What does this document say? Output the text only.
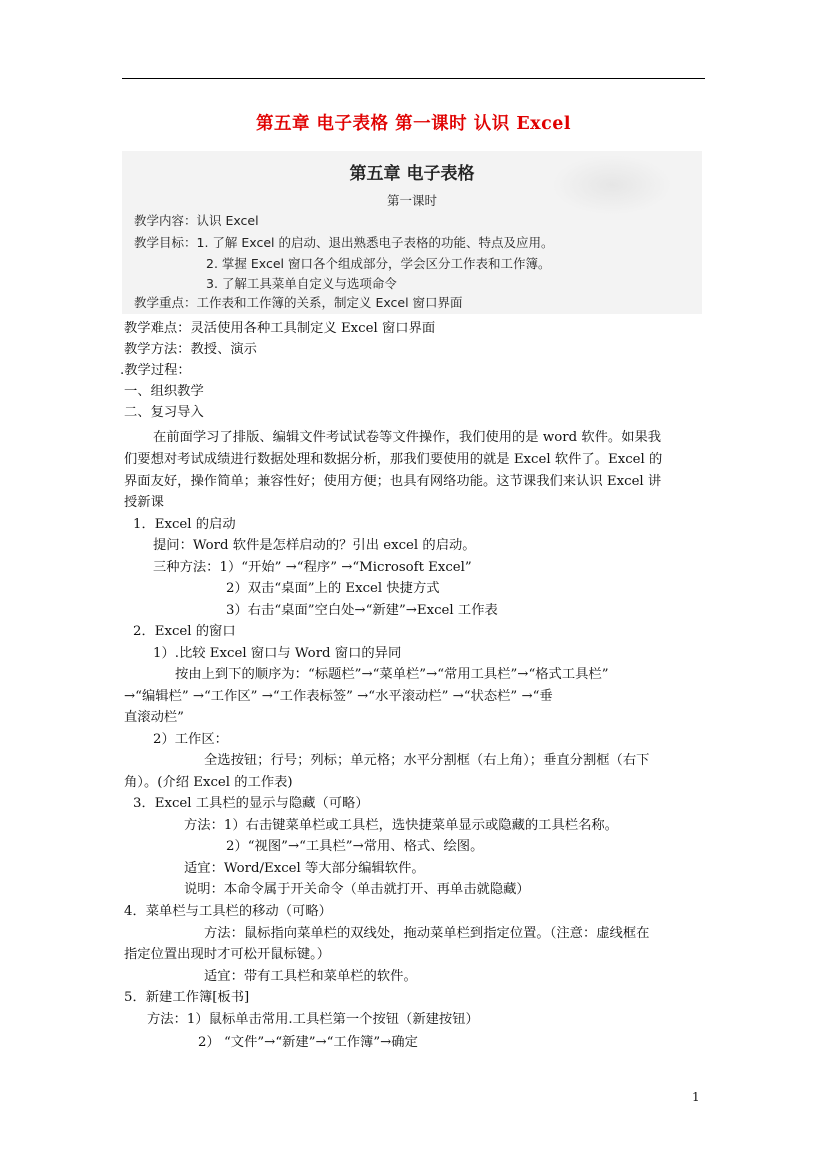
第五章 电子表格 第一课时 认识 Excel
第五章 电子表格
第一课时
教学内容：认识 Excel
教学目标：1. 了解 Excel 的启动、退出熟悉电子表格的功能、特点及应用。
2. 掌握 Excel 窗口各个组成部分，学会区分工作表和工作簿。
3. 了解工具菜单自定义与选项命令
教学重点：工作表和工作簿的关系，制定义 Excel 窗口界面
教学难点：灵活使用各种工具制定义 Excel 窗口界面
教学方法：教授、演示
.教学过程：
一、组织教学
二、复习导入
在前面学习了排版、编辑文件考试试卷等文件操作，我们使用的是 word 软件。如果我
们要想对考试成绩进行数据处理和数据分析，那我们要使用的就是 Excel 软件了。Excel 的
界面友好，操作简单；兼容性好；使用方便；也具有网络功能。这节课我们来认识 Excel 讲
授新课
1．Excel 的启动
提问：Word 软件是怎样启动的？引出 excel 的启动。
三种方法：1）“开始” →“程序” →“Microsoft Excel”
2）双击“桌面”上的 Excel 快捷方式
3）右击“桌面”空白处→“新建”→Excel 工作表
2．Excel 的窗口
1）.比较 Excel 窗口与 Word 窗口的异同
按由上到下的顺序为：“标题栏”→“菜单栏”→“常用工具栏”→“格式工具栏”
→“编辑栏” →“工作区” →“工作表标签” →“水平滚动栏” →“状态栏” →“垂
直滚动栏”
2）工作区：
全选按钮；行号；列标；单元格；水平分割框（右上角）；垂直分割框（右下
角）。(介绍 Excel 的工作表)
3．Excel 工具栏的显示与隐藏（可略）
方法：1）右击键菜单栏或工具栏，选快捷菜单显示或隐藏的工具栏名称。
2）“视图”→“工具栏”→常用、格式、绘图。
适宜：Word/Excel 等大部分编辑软件。
说明：本命令属于开关命令（单击就打开、再单击就隐藏）
4．菜单栏与工具栏的移动（可略）
方法：鼠标指向菜单栏的双线处，拖动菜单栏到指定位置。（注意：虚线框在
指定位置出现时才可松开鼠标键。）
适宜：带有工具栏和菜单栏的软件。
5．新建工作簿[板书]
方法：1）鼠标单击常用.工具栏第一个按钮（新建按钮）
2） “文件”→“新建”→“工作簿”→确定
1
